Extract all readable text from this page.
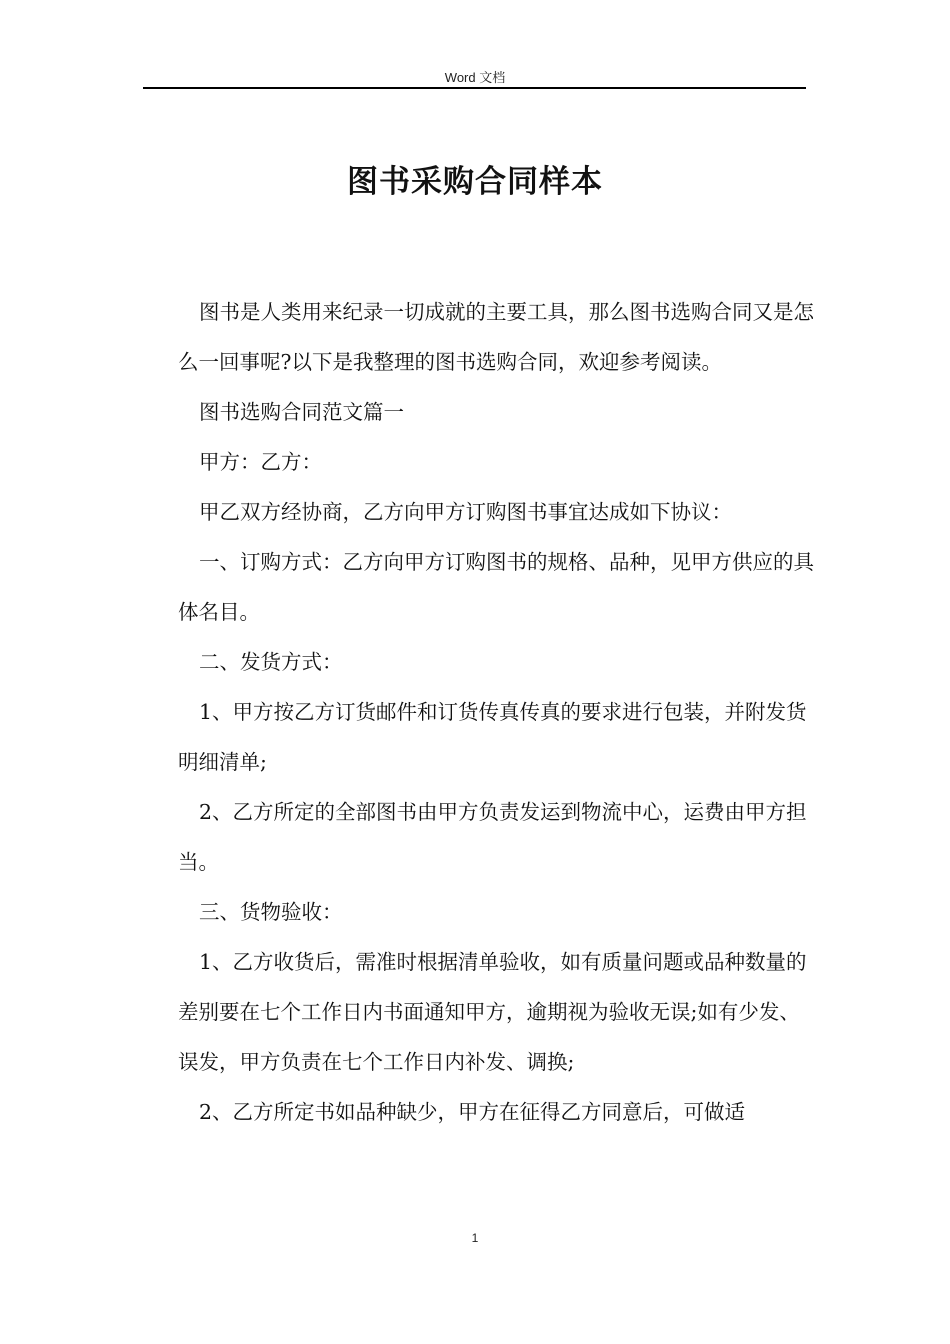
Word 文档
图书采购合同样本

图书是人类用来纪录一切成就的主要工具，那么图书选购合同又是怎么一回事呢?以下是我整理的图书选购合同，欢迎参考阅读。

图书选购合同范文篇一

甲方：乙方：

甲乙双方经协商，乙方向甲方订购图书事宜达成如下协议：

一、订购方式：乙方向甲方订购图书的规格、品种，见甲方供应的具体名目。

二、发货方式：

1、甲方按乙方订货邮件和订货传真传真的要求进行包装，并附发货明细清单;

2、乙方所定的全部图书由甲方负责发运到物流中心，运费由甲方担当。

三、货物验收：

1、乙方收货后，需准时根据清单验收，如有质量问题或品种数量的差别要在七个工作日内书面通知甲方，逾期视为验收无误;如有少发、误发，甲方负责在七个工作日内补发、调换;

2、乙方所定书如品种缺少，甲方在征得乙方同意后，可做适

1
